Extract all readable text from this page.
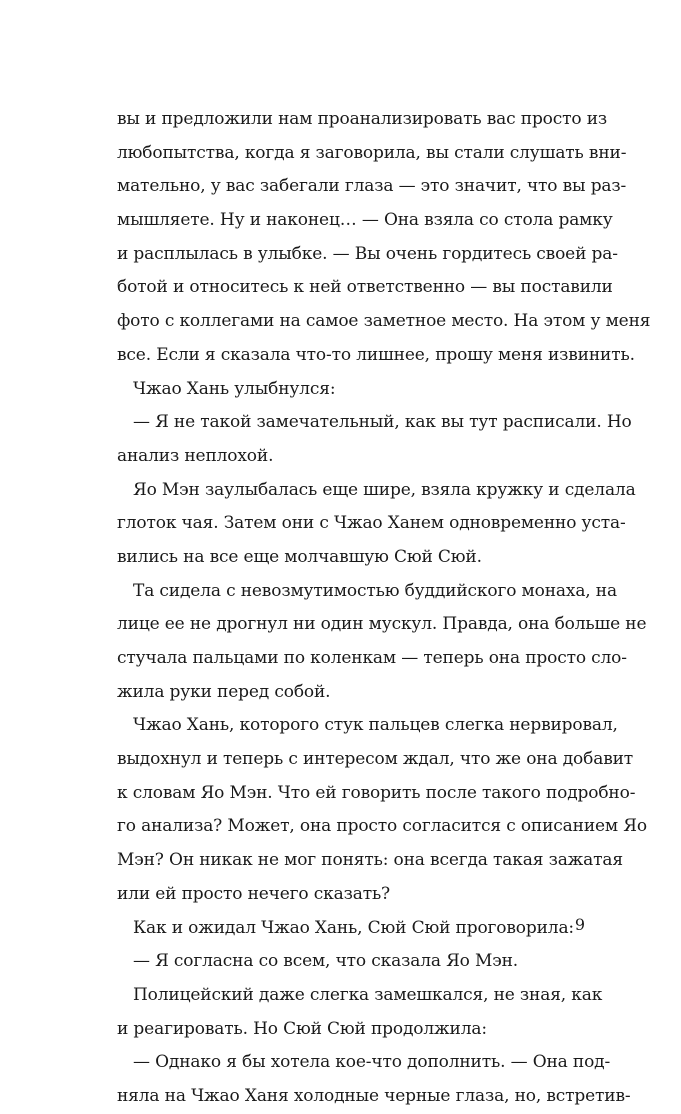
вы и предложили нам проанализировать вас просто из
любопытства, когда я заговорила, вы стали слушать вни-
мательно, у вас забегали глаза — это значит, что вы раз-
мышляете. Ну и наконец… — Она взяла со стола рамку
и расплылась в улыбке. — Вы очень гордитесь своей ра-
ботой и относитесь к ней ответственно — вы поставили
фото с коллегами на самое заметное место. На этом у меня
все. Если я сказала что-то лишнее, прошу меня извинить.
Чжао Хань улыбнулся:
— Я не такой замечательный, как вы тут расписали. Но
анализ неплохой.
Яо Мэн заулыбалась еще шире, взяла кружку и сделала
глоток чая. Затем они с Чжао Ханем одновременно уста-
вились на все еще молчавшую Сюй Сюй.
Та сидела с невозмутимостью буддийского монаха, на
лице ее не дрогнул ни один мускул. Правда, она больше не
стучала пальцами по коленкам — теперь она просто сло-
жила руки перед собой.
Чжао Хань, которого стук пальцев слегка нервировал,
выдохнул и теперь с интересом ждал, что же она добавит
к словам Яо Мэн. Что ей говорить после такого подробно-
го анализа? Может, она просто согласится с описанием Яо
Мэн? Он никак не мог понять: она всегда такая зажатая
или ей просто нечего сказать?
Как и ожидал Чжао Хань, Сюй Сюй проговорила:
— Я согласна со всем, что сказала Яо Мэн.
Полицейский даже слегка замешкался, не зная, как
и реагировать. Но Сюй Сюй продолжила:
— Однако я бы хотела кое-что дополнить. — Она под-
няла на Чжао Ханя холодные черные глаза, но, встретив-
9
